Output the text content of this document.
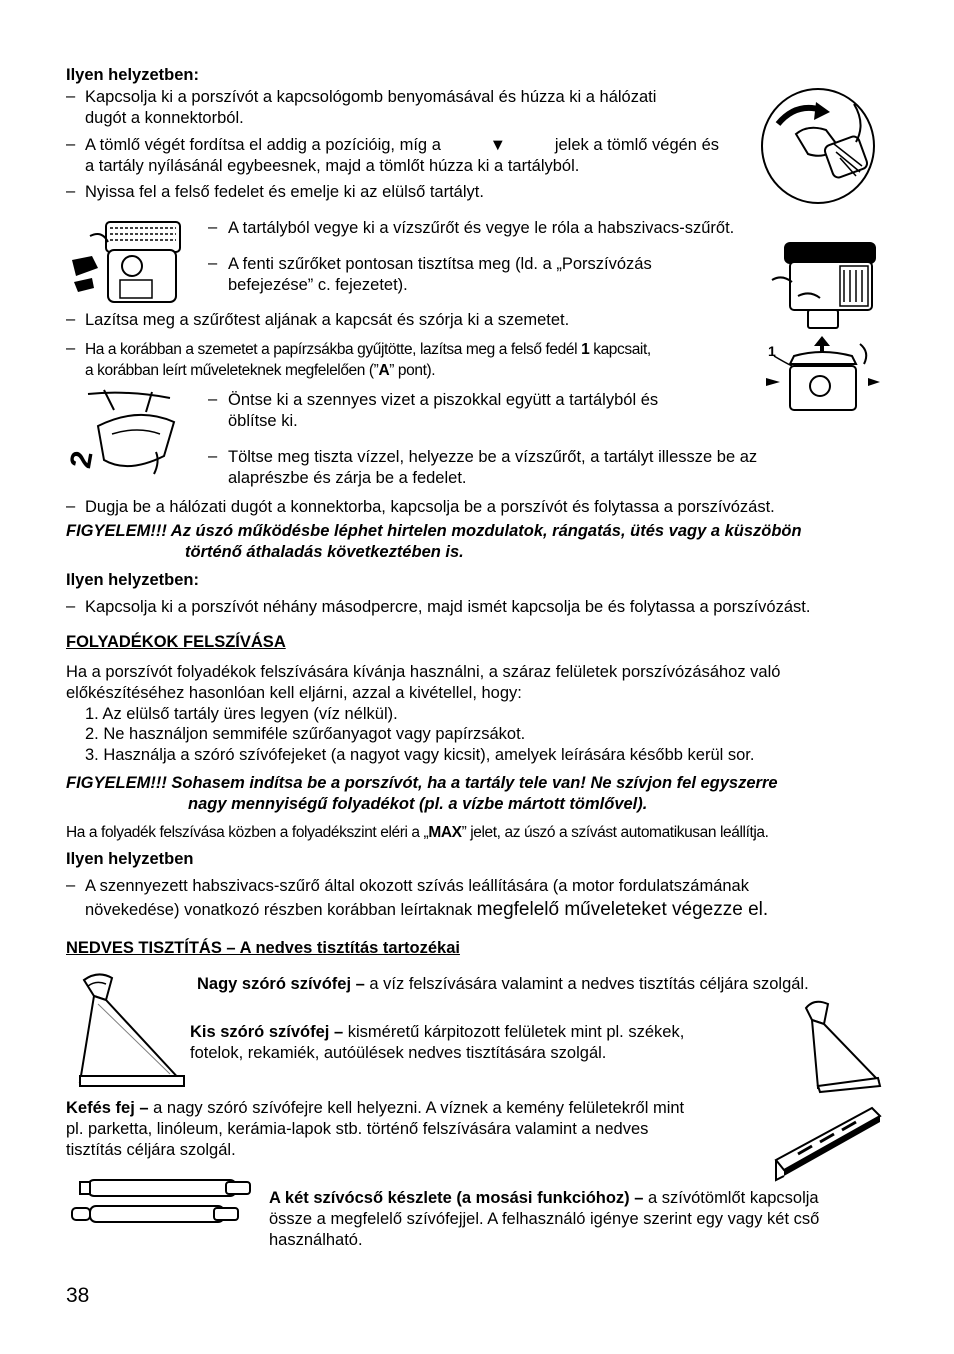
Ilyen helyzetben:
– Kapcsolja ki a porszívót a kapcsológomb benyomásával és húzza ki a hálózati
dugót a konnektorból.
– A tömlő végét fordítsa el addig a pozícióig, míg a	▼	jelek a tömlő végén és
a tartály nyílásánál egybeesnek, majd a tömlőt húzza ki a tartályból.
– Nyissa fel a felső fedelet és emelje ki az elülső tartályt.
– A tartályból vegye ki a vízszűrőt és vegye le róla a habszivacs-szűrőt.
– A fenti szűrőket pontosan tisztítsa meg (ld. a „Porszívózás
befejezése” c. fejezetet).
– Lazítsa meg a szűrőtest aljának a kapcsát és szórja ki a szemetet.
– Ha a korábban a szemetet a papírzsákba gyűjtötte, lazítsa meg a felső fedél 1 kapcsait,
a korábban leírt műveleteknek megfelelően (”A” pont).
– Öntse ki a szennyes vizet a piszokkal együtt a tartályból és
öblítse ki.
– Töltse meg tiszta vízzel, helyezze be a vízszűrőt, a tartályt illessze be az
alaprészbe és zárja be a fedelet.
– Dugja be a hálózati dugót a konnektorba, kapcsolja be a porszívót és folytassa a porszívózást.
FIGYELEM!!! Az úszó működésbe léphet hirtelen mozdulatok, rángatás, ütés vagy a küszöbön
történő áthaladás következtében is.
Ilyen helyzetben:
– Kapcsolja ki a porszívót néhány másodpercre, majd ismét kapcsolja be és folytassa a porszívózást.
FOLYADÉKOK FELSZÍVÁSA
Ha a porszívót folyadékok felszívására kívánja használni, a száraz felületek porszívózásához való
előkészítéséhez hasonlóan kell eljárni, azzal a kivétellel, hogy:
1. Az elülső tartály üres legyen (víz nélkül).
2. Ne használjon semmiféle szűrőanyagot vagy papírzsákot.
3. Használja a szóró szívófejeket (a nagyot vagy kicsit), amelyek leírására később kerül sor.
FIGYELEM!!! Sohasem indítsa be a porszívót, ha a tartály tele van! Ne szívjon fel egyszerre
nagy mennyiségű folyadékot (pl. a vízbe mártott tömlővel).
Ha a folyadék felszívása közben a folyadékszint eléri a „MAX” jelet, az úszó a szívást automatikusan leállítja.
Ilyen helyzetben
– A szennyezett habszivacs-szűrő által okozott szívás leállítására (a motor fordulatszámának
növekedése) vonatkozó részben korábban leírtaknak megfelelő műveleteket végezze el.
NEDVES TISZTÍTÁS – A nedves tisztítás tartozékai
Nagy szóró szívófej – a víz felszívására valamint a nedves tisztítás céljára szolgál.
Kis szóró szívófej – kisméretű kárpitozott felületek mint pl. székek,
fotelok, rekamiék, autóülések nedves tisztítására szolgál.
Kefés fej – a nagy szóró szívófejre kell helyezni. A víznek a kemény felületekről mint
pl. parketta, linóleum, kerámia-lapok stb. történő felszívására valamint a nedves
tisztítás céljára szolgál.
A két szívócső készlete (a mosási funkcióhoz) – a szívótömlőt kapcsolja
össze a megfelelő szívófejjel. A felhasználó igénye szerint egy vagy két cső
használható.
38
1
2
